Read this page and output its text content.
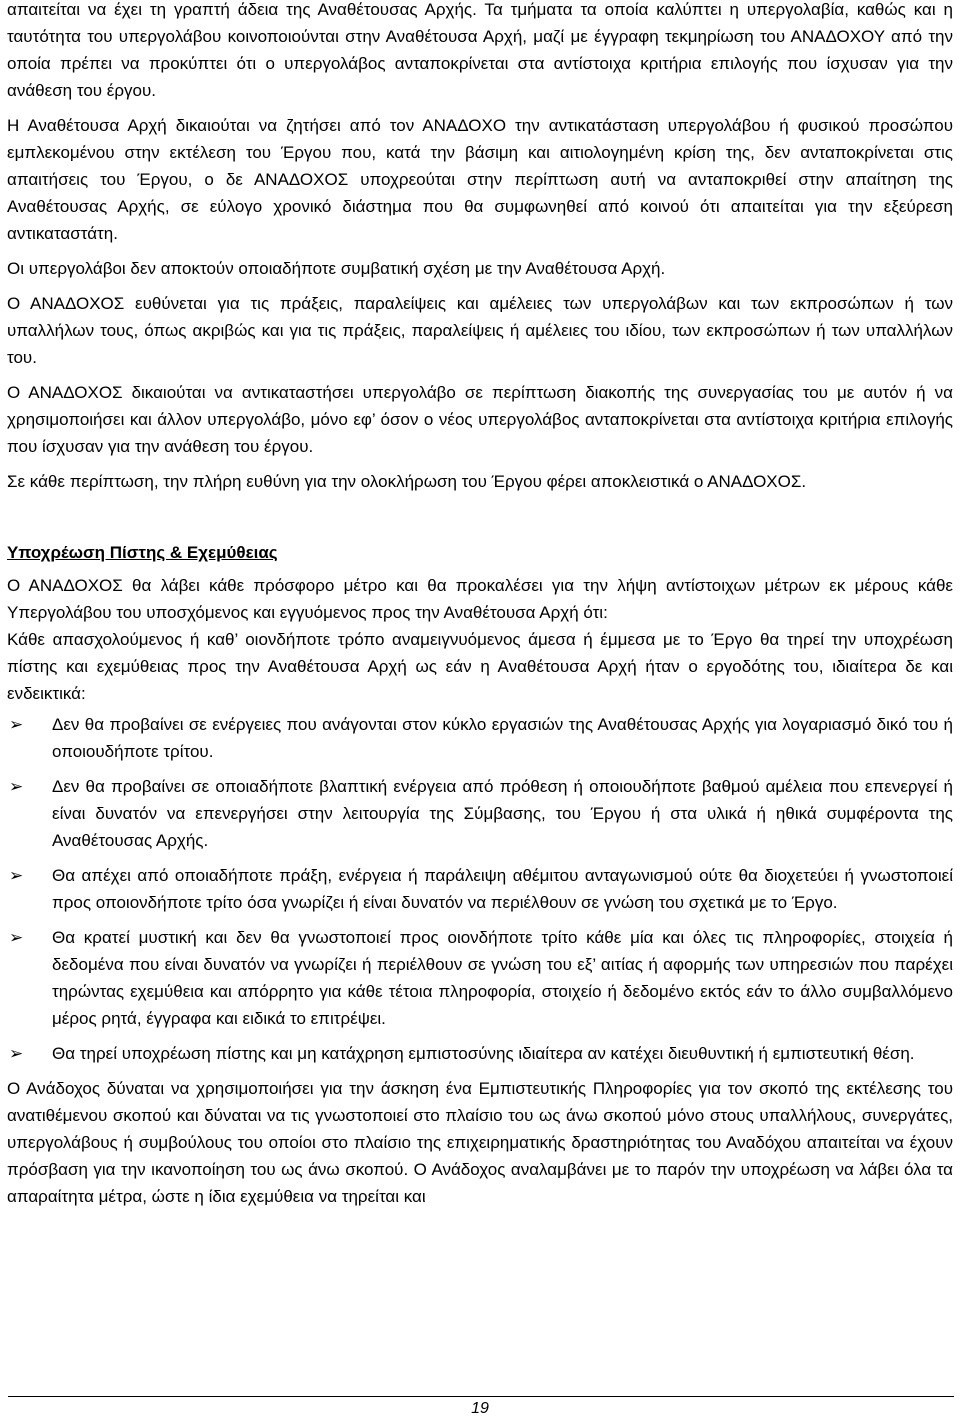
απαιτείται να έχει τη γραπτή άδεια της Αναθέτουσας Αρχής. Τα τμήματα τα οποία καλύπτει η υπεργολαβία, καθώς και η ταυτότητα του υπεργολάβου κοινοποιούνται στην Αναθέτουσα Αρχή, μαζί με έγγραφη τεκμηρίωση του ΑΝΑΔΟΧΟΥ από την οποία πρέπει να προκύπτει ότι ο υπεργολάβος ανταποκρίνεται στα αντίστοιχα κριτήρια επιλογής που ίσχυσαν για την ανάθεση του έργου.

Η Αναθέτουσα Αρχή δικαιούται να ζητήσει από τον ΑΝΑΔΟΧΟ την αντικατάσταση υπεργολάβου ή φυσικού προσώπου εμπλεκομένου στην εκτέλεση του Έργου που, κατά την βάσιμη και αιτιολογημένη κρίση της, δεν ανταποκρίνεται στις απαιτήσεις του Έργου, ο δε ΑΝΑΔΟΧΟΣ υποχρεούται στην περίπτωση αυτή να ανταποκριθεί στην απαίτηση της Αναθέτουσας Αρχής, σε εύλογο χρονικό διάστημα που θα συμφωνηθεί από κοινού ότι απαιτείται για την εξεύρεση αντικαταστάτη.

Οι υπεργολάβοι δεν αποκτούν οποιαδήποτε συμβατική σχέση με την Αναθέτουσα Αρχή.

Ο ΑΝΑΔΟΧΟΣ ευθύνεται για τις πράξεις, παραλείψεις και αμέλειες των υπεργολάβων και των εκπροσώπων ή των υπαλλήλων τους, όπως ακριβώς και για τις πράξεις, παραλείψεις ή αμέλειες του ιδίου, των εκπροσώπων ή των υπαλλήλων του.

Ο ΑΝΑΔΟΧΟΣ δικαιούται να αντικαταστήσει υπεργολάβο σε περίπτωση διακοπής της συνεργασίας του με αυτόν ή να χρησιμοποιήσει και άλλον υπεργολάβο, μόνο εφ’ όσον ο νέος υπεργολάβος ανταποκρίνεται στα αντίστοιχα κριτήρια επιλογής που ίσχυσαν για την ανάθεση του έργου.

Σε κάθε περίπτωση, την πλήρη ευθύνη για την ολοκλήρωση του Έργου φέρει αποκλειστικά ο ΑΝΑΔΟΧΟΣ.

Υποχρέωση Πίστης & Εχεμύθειας

Ο ΑΝΑΔΟΧΟΣ θα λάβει κάθε πρόσφορο μέτρο και θα προκαλέσει για την λήψη αντίστοιχων μέτρων εκ μέρους κάθε Υπεργολάβου του υποσχόμενος και εγγυόμενος προς την Αναθέτουσα Αρχή ότι:

Κάθε απασχολούμενος ή καθ’ οιονδήποτε τρόπο αναμειγνυόμενος άμεσα ή έμμεσα με το Έργο θα τηρεί την υποχρέωση πίστης και εχεμύθειας προς την Αναθέτουσα Αρχή ως εάν η Αναθέτουσα Αρχή ήταν ο εργοδότης του, ιδιαίτερα δε και ενδεικτικά:

➢ Δεν θα προβαίνει σε ενέργειες που ανάγονται στον κύκλο εργασιών της Αναθέτουσας Αρχής για λογαριασμό δικό του ή οποιουδήποτε τρίτου.
➢ Δεν θα προβαίνει σε οποιαδήποτε βλαπτική ενέργεια από πρόθεση ή οποιουδήποτε βαθμού αμέλεια που επενεργεί ή είναι δυνατόν να επενεργήσει στην λειτουργία της Σύμβασης, του Έργου ή στα υλικά ή ηθικά συμφέροντα της Αναθέτουσας Αρχής.
➢ Θα απέχει από οποιαδήποτε πράξη, ενέργεια ή παράλειψη αθέμιτου ανταγωνισμού ούτε θα διοχετεύει ή γνωστοποιεί προς οποιονδήποτε τρίτο όσα γνωρίζει ή είναι δυνατόν να περιέλθουν σε γνώση του σχετικά με το Έργο.
➢ Θα κρατεί μυστική και δεν θα γνωστοποιεί προς οιονδήποτε τρίτο κάθε μία και όλες τις πληροφορίες, στοιχεία ή δεδομένα που είναι δυνατόν να γνωρίζει ή περιέλθουν σε γνώση του εξ’ αιτίας ή αφορμής των υπηρεσιών που παρέχει τηρώντας εχεμύθεια και απόρρητο για κάθε τέτοια πληροφορία, στοιχείο ή δεδομένο εκτός εάν το άλλο συμβαλλόμενο μέρος ρητά, έγγραφα και ειδικά το επιτρέψει.
➢ Θα τηρεί υποχρέωση πίστης και μη κατάχρηση εμπιστοσύνης ιδιαίτερα αν κατέχει διευθυντική ή εμπιστευτική θέση.

Ο Ανάδοχος δύναται να χρησιμοποιήσει για την άσκηση ένα Εμπιστευτικής Πληροφορίες για τον σκοπό της εκτέλεσης του ανατιθέμενου σκοπού και δύναται να τις γνωστοποιεί στο πλαίσιο του ως άνω σκοπού μόνο στους υπαλλήλους, συνεργάτες, υπεργολάβους ή συμβούλους του οποίοι στο πλαίσιο της επιχειρηματικής δραστηριότητας του Αναδόχου απαιτείται να έχουν πρόσβαση για την ικανοποίηση του ως άνω σκοπού. Ο Ανάδοχος αναλαμβάνει με το παρόν την υποχρέωση να λάβει όλα τα απαραίτητα μέτρα, ώστε η ίδια εχεμύθεια να τηρείται και

19
